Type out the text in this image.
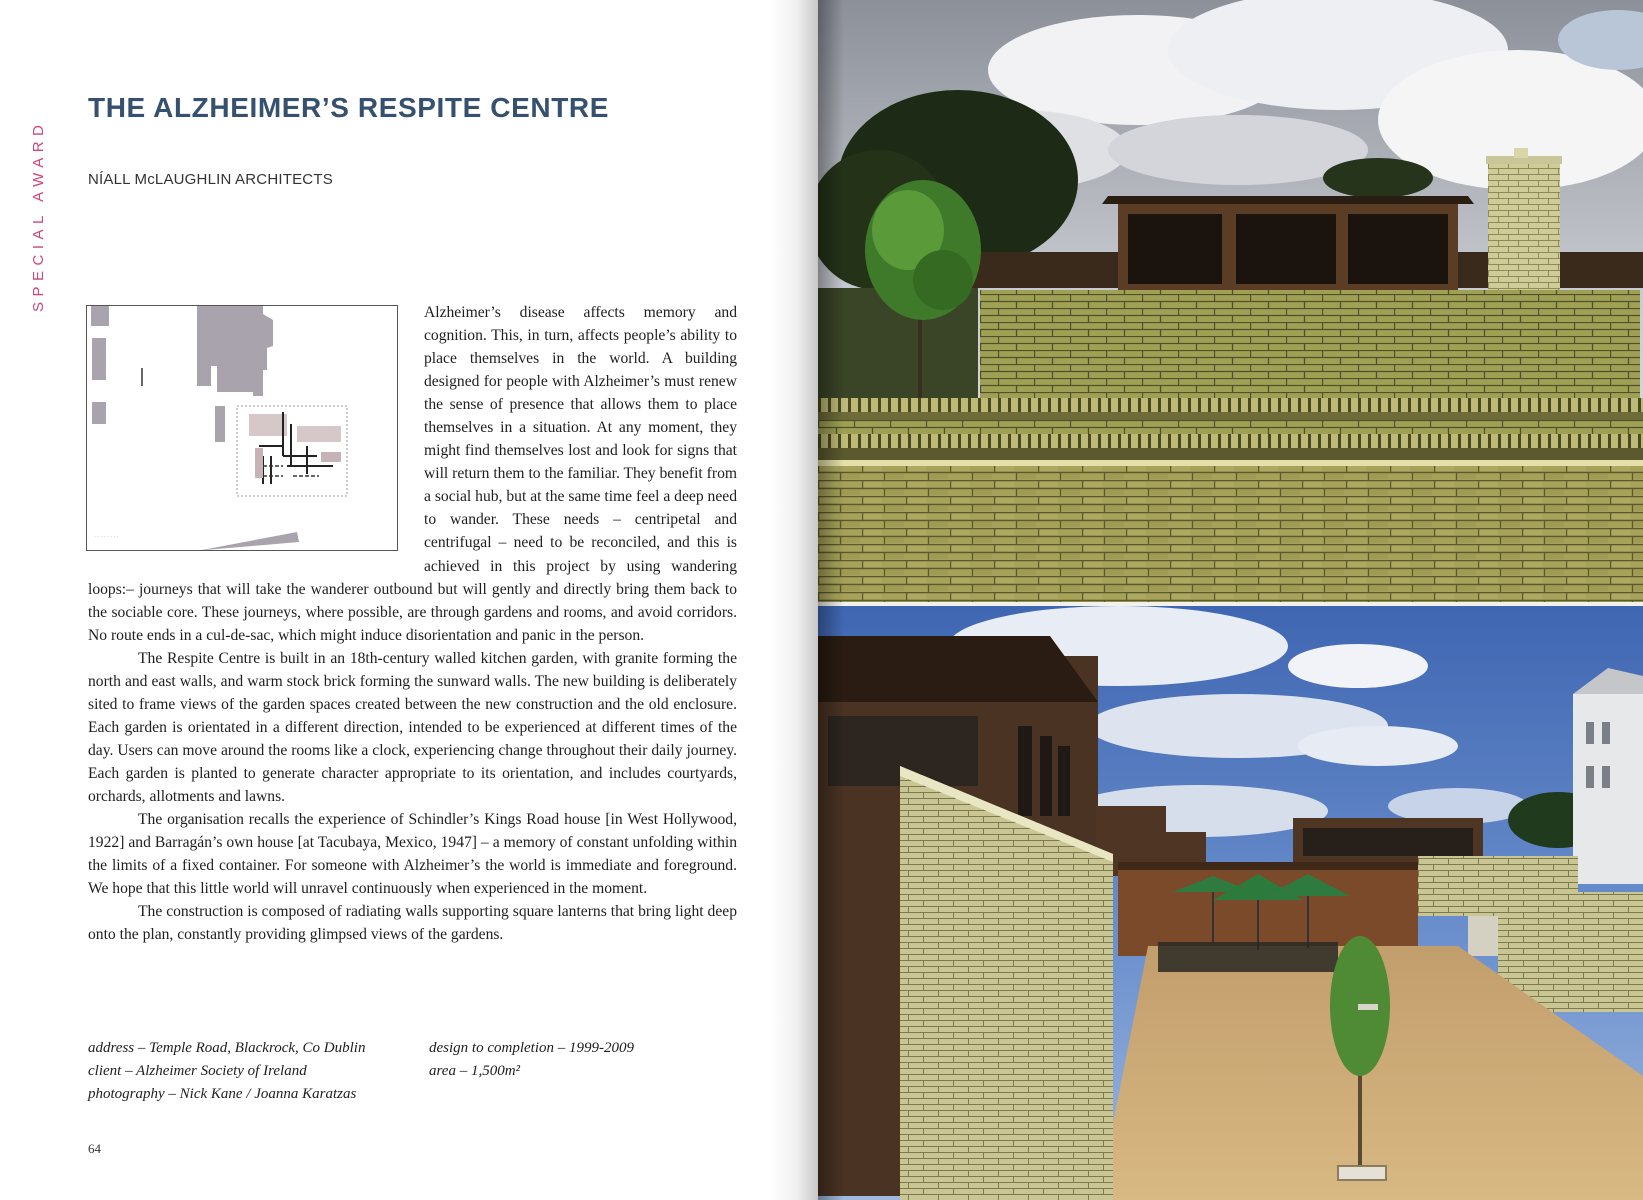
SPECIAL AWARD
THE ALZHEIMER’S RESPITE CENTRE
NÍALL McLAUGHLIN ARCHITECTS
· · · · · · · ·

Alzheimer’s disease affects memory and cognition. This, in turn, affects people’s ability to place themselves in the world. A building designed for people with Alzheimer’s must renew the sense of presence that allows them to place themselves in a situation. At any moment, they might find themselves lost and look for signs that will return them to the familiar. They benefit from a social hub, but at the same time feel a deep need to wander. These needs – centripetal and centrifugal – need to be reconciled, and this is achieved in this project by using wandering loops:– journeys that will take the wanderer outbound but will gently and directly bring them back to the sociable core. These journeys, where possible, are through gardens and rooms, and avoid corridors. No route ends in a cul-de-sac, which might induce disorientation and panic in the person.

The Respite Centre is built in an 18th-century walled kitchen garden, with granite forming the north and east walls, and warm stock brick forming the sunward walls. The new building is deliberately sited to frame views of the garden spaces created between the new construction and the old enclosure. Each garden is orientated in a different direction, intended to be experienced at different times of the day. Users can move around the rooms like a clock, experiencing change throughout their daily journey. Each garden is planted to generate character appropriate to its orientation, and includes courtyards, orchards, allotments and lawns.

The organisation recalls the experience of Schindler’s Kings Road house [in West Hollywood, 1922] and Barragán’s own house [at Tacubaya, Mexico, 1947] – a memory of constant unfolding within the limits of a fixed container. For someone with Alzheimer’s the world is immediate and foreground. We hope that this little world will unravel continuously when experienced in the moment.

The construction is composed of radiating walls supporting square lanterns that bring light deep onto the plan, constantly providing glimpsed views of the gardens.

address – Temple Road, Blackrock, Co Dublin
client – Alzheimer Society of Ireland
photography – Nick Kane / Joanna Karatzas
design to completion – 1999-2009
area – 1,500m²
64
